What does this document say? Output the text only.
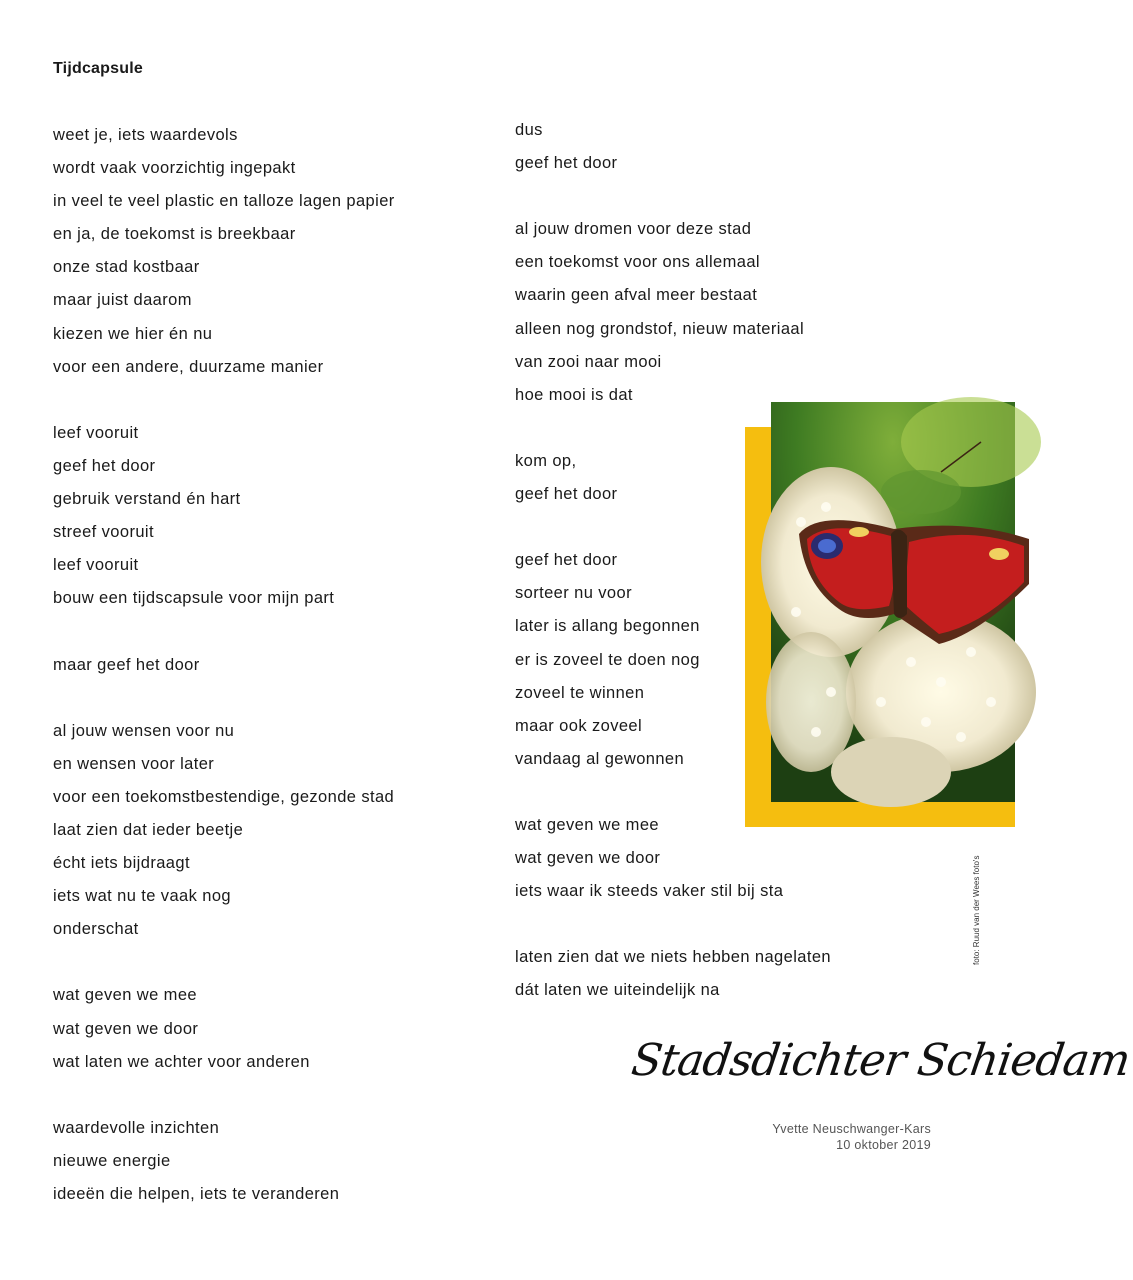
Tijdcapsule
weet je, iets waardevols
wordt vaak voorzichtig ingepakt
in veel te veel plastic en talloze lagen papier
en ja, de toekomst is breekbaar
onze stad kostbaar
maar juist daarom
kiezen we hier én nu
voor een andere, duurzame manier
leef vooruit
geef het door
gebruik verstand én hart
streef vooruit
leef vooruit
bouw een tijdscapsule voor mijn part
maar geef het door
al jouw wensen voor nu
en wensen voor later
voor een toekomstbestendige, gezonde stad
laat zien dat ieder beetje
écht iets bijdraagt
iets wat nu te vaak nog
onderschat
wat geven we mee
wat geven we door
wat laten we achter voor anderen
waardevolle inzichten
nieuwe energie
ideeën die helpen, iets te veranderen
dus
geef het door
al jouw dromen voor deze stad
een toekomst voor ons allemaal
waarin geen afval meer bestaat
alleen nog grondstof, nieuw materiaal
van zooi naar mooi
hoe mooi is dat
kom op,
geef het door
geef het door
sorteer nu voor
later is allang begonnen
er is zoveel te doen nog
zoveel te winnen
maar ook zoveel
vandaag al gewonnen
wat geven we mee
wat geven we door
iets waar ik steeds vaker stil bij sta
laten zien dat we niets hebben nagelaten
dát laten we uiteindelijk na
foto: Ruud van der Wees foto's
Stadsdichter Schiedam
Yvette Neuschwanger-Kars
10 oktober 2019
